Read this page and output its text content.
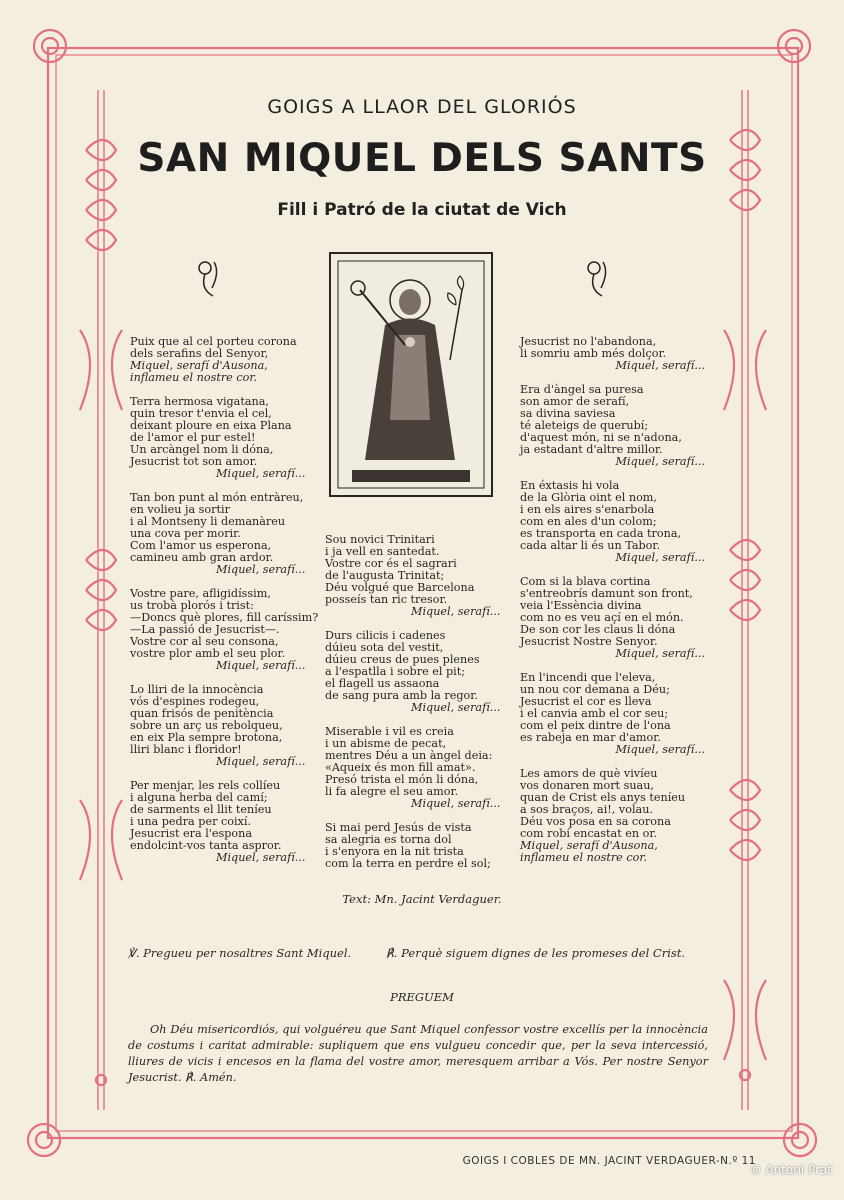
GOIGS A LLAOR DEL GLORIÓS
SAN MIQUEL DELS SANTS
Fill i Patró de la ciutat de Vich
Puix que al cel porteu corona
dels serafins del Senyor,
Miquel, serafí d'Ausona,
inflameu el nostre cor.
Terra hermosa vigatana,
quin tresor t'envia el cel,
deixant ploure en eixa Plana
de l'amor el pur estel!
Un arcàngel nom li dóna,
Jesucrist tot son amor.
Miquel, serafí...
Tan bon punt al món entràreu,
en volieu ja sortir
i al Montseny li demanàreu
una cova per morir.
Com l'amor us esperona,
camineu amb gran ardor.
Miquel, serafí...
Vostre pare, afligidíssim,
us trobà plorós i trist:
—Doncs què plores, fill caríssim?
—La passió de Jesucrist—.
Vostre cor al seu consona,
vostre plor amb el seu plor.
Miquel, serafí...
Lo lliri de la innocència
vós d'espines rodegeu,
quan frisós de penitència
sobre un arç us rebolqueu,
en eix Pla sempre brotona,
lliri blanc i floridor!
Miquel, serafí...
Per menjar, les rels collíeu
i alguna herba del camí;
de sarments el llit teníeu
i una pedra per coixí.
Jesucrist era l'espona
endolcint-vos tanta aspror.
Miquel, serafí...
Sou novici Trinitari
i ja vell en santedat.
Vostre cor és el sagrari
de l'augusta Trinitat;
Déu volgué que Barcelona
posseís tan ric tresor.
Miquel, serafí...
Durs cilicis i cadenes
dúieu sota del vestit,
dúieu creus de pues plenes
a l'espatlla i sobre el pit;
el flagell us assaona
de sang pura amb la regor.
Miquel, serafí...
Miserable i vil es creia
i un abisme de pecat,
mentres Déu a un àngel deia:
«Aqueix és mon fill amat».
Presó trista el món li dóna,
li fa alegre el seu amor.
Miquel, serafí...
Si mai perd Jesús de vista
sa alegria es torna dol
i s'enyora en la nit trista
com la terra en perdre el sol;
Jesucrist no l'abandona,
li somriu amb més dolçor.
Miquel, serafí...
Era d'àngel sa puresa
son amor de serafí,
sa divina saviesa
té aleteigs de querubí;
d'aquest món, ni se n'adona,
ja estadant d'altre millor.
Miquel, serafí...
En éxtasis hi vola
de la Glòria oint el nom,
i en els aires s'enarbola
com en ales d'un colom;
es transporta en cada trona,
cada altar li és un Tabor.
Miquel, serafí...
Com si la blava cortina
s'entreobrís damunt son front,
veia l'Essència divina
com no es veu açí en el món.
De son cor les claus li dóna
Jesucrist Nostre Senyor.
Miquel, serafí...
En l'incendi que l'eleva,
un nou cor demana a Déu;
Jesucrist el cor es lleva
i el canvia amb el cor seu;
com el peix dintre de l'ona
es rabeja en mar d'amor.
Miquel, serafí...
Les amors de què vivíeu
vos donaren mort suau,
quan de Crist els anys teníeu
a sos braços, ai!, volau.
Déu vos posa en sa corona
com robí encastat en or.
Miquel, serafí d'Ausona,
inflameu el nostre cor.
Text: Mn. Jacint Verdaguer.
℣. Pregueu per nosaltres Sant Miquel.	℟. Perquè siguem dignes de les promeses del Crist.
PREGUEM
Oh Déu misericordiós, qui volguéreu que Sant Miquel confessor vostre excellís per la innocència de costums i caritat admirable: supliquem que ens vulgueu concedir que, per la seva intercessió, lliures de vicis i encesos en la flama del vostre amor, meresquem arribar a Vós. Per nostre Senyor Jesucrist. ℟. Amén.
GOIGS I COBLES DE MN. JACINT VERDAGUER-N.º 11
© Antoni Prat
